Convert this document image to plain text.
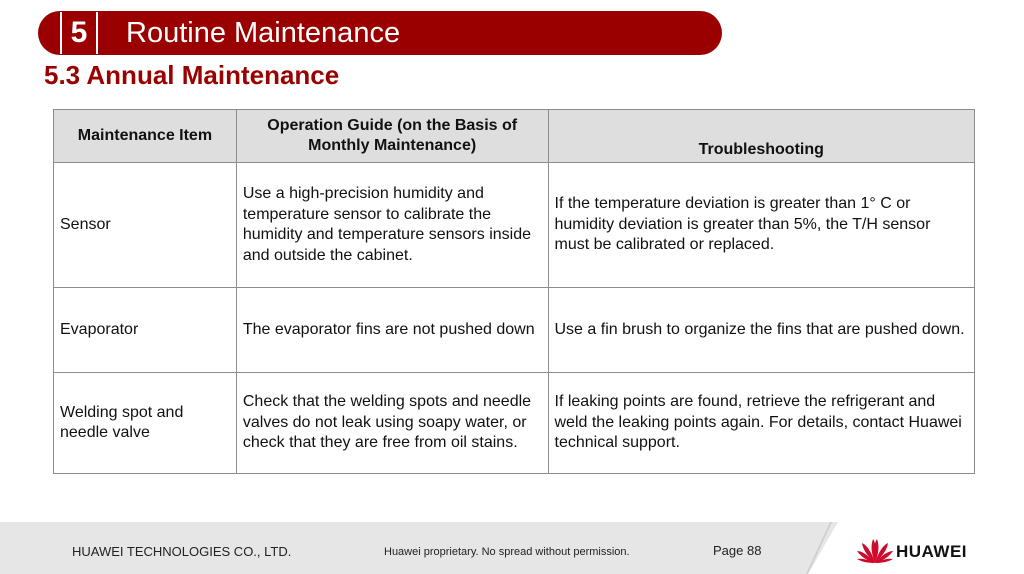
5	Routine Maintenance
5.3 Annual Maintenance
Maintenance Item	Operation Guide (on the Basis of Monthly Maintenance)	Troubleshooting
Sensor	Use a high-precision humidity and temperature sensor to calibrate the humidity and temperature sensors inside and outside the cabinet.	If the temperature deviation is greater than 1° C or humidity deviation is greater than 5%, the T/H sensor must be calibrated or replaced.
Evaporator	The evaporator fins are not pushed down	Use a fin brush to organize the fins that are pushed down.
Welding spot and needle valve	Check that the welding spots and needle valves do not leak using soapy water, or check that they are free from oil stains.	If leaking points are found, retrieve the refrigerant and weld the leaking points again. For details, contact Huawei technical support.
HUAWEI TECHNOLOGIES CO., LTD.	Huawei proprietary. No spread without permission.	Page 88	HUAWEI
